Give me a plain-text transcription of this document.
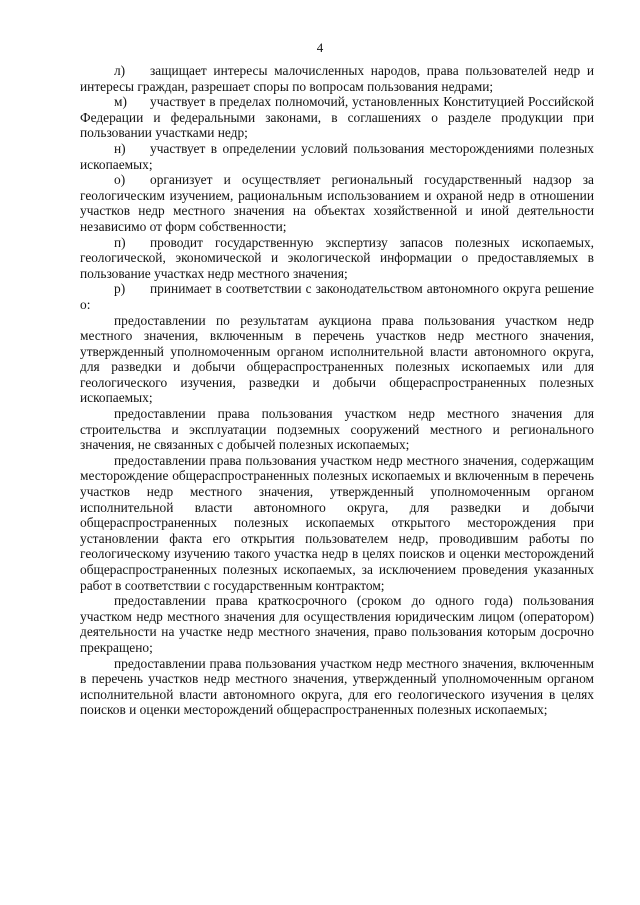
4

л) защищает интересы малочисленных народов, права пользователей недр и интересы граждан, разрешает споры по вопросам пользования недрами;

м) участвует в пределах полномочий, установленных Конституцией Российской Федерации и федеральными законами, в соглашениях о разделе продукции при пользовании участками недр;

н) участвует в определении условий пользования месторождениями полезных ископаемых;

о) организует и осуществляет региональный государственный надзор за геологическим изучением, рациональным использованием и охраной недр в отношении участков недр местного значения на объектах хозяйственной и иной деятельности независимо от форм собственности;

п) проводит государственную экспертизу запасов полезных ископаемых, геологической, экономической и экологической информации о предоставляемых в пользование участках недр местного значения;

р) принимает в соответствии с законодательством автономного округа решение о:

предоставлении по результатам аукциона права пользования участком недр местного значения, включенным в перечень участков недр местного значения, утвержденный уполномоченным органом исполнительной власти автономного округа, для разведки и добычи общераспространенных полезных ископаемых или для геологического изучения, разведки и добычи общераспространенных полезных ископаемых;

предоставлении права пользования участком недр местного значения для строительства и эксплуатации подземных сооружений местного и регионального значения, не связанных с добычей полезных ископаемых;

предоставлении права пользования участком недр местного значения, содержащим месторождение общераспространенных полезных ископаемых и включенным в перечень участков недр местного значения, утвержденный уполномоченным органом исполнительной власти автономного округа, для разведки и добычи общераспространенных полезных ископаемых открытого месторождения при установлении факта его открытия пользователем недр, проводившим работы по геологическому изучению такого участка недр в целях поисков и оценки месторождений общераспространенных полезных ископаемых, за исключением проведения указанных работ в соответствии с государственным контрактом;

предоставлении права краткосрочного (сроком до одного года) пользования участком недр местного значения для осуществления юридическим лицом (оператором) деятельности на участке недр местного значения, право пользования которым досрочно прекращено;

предоставлении права пользования участком недр местного значения, включенным в перечень участков недр местного значения, утвержденный уполномоченным органом исполнительной власти автономного округа, для его геологического изучения в целях поисков и оценки месторождений общераспространенных полезных ископаемых;
